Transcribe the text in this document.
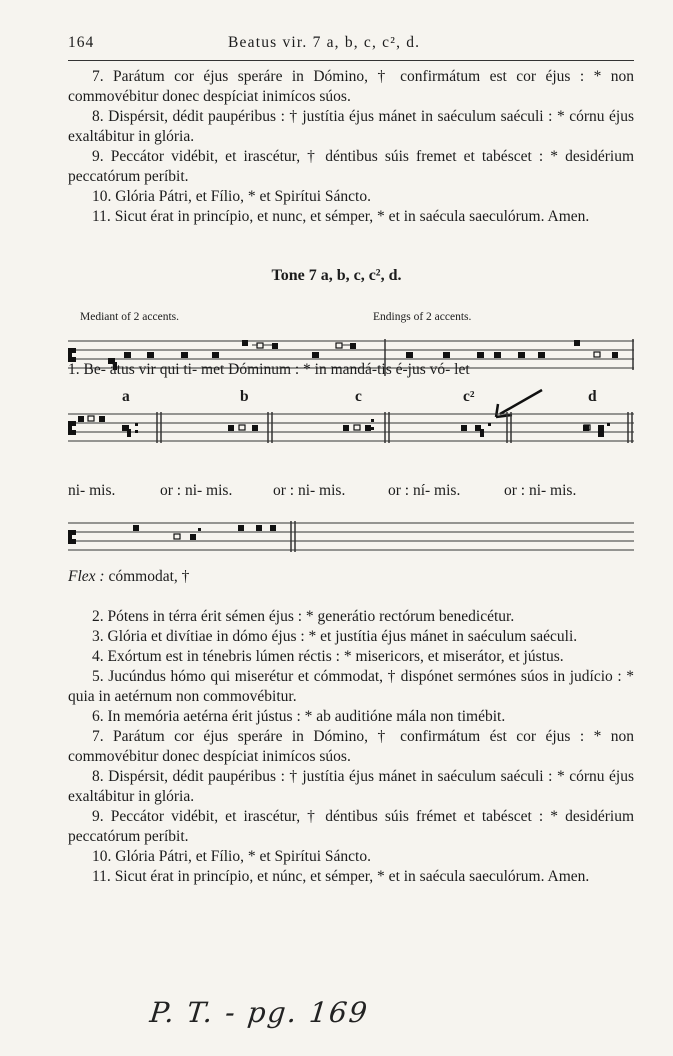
164	Beatus vir. 7 a, b, c, c², d.
7. Parátum cor éjus speráre in Dómino, † confirmátum est cor éjus : * non commovébitur donec despíciat inimícos súos.
8. Dispérsit, dédit paupéribus : † justítia éjus mánet in saéculum saéculi : * córnu éjus exaltábitur in glória.
9. Peccátor vidébit, et irascétur, † déntibus súis fremet et tabéscet : * desidérium peccatórum períbit.
10. Glória Pátri, et Fílio, * et Spirítui Sáncto.
11. Sicut érat in princípio, et nunc, et sémper, * et in saécula saeculórum. Amen.
Tone 7 a, b, c, c², d.
Mediant of 2 accents.	Endings of 2 accents.
1. Be- átus vir qui ti- met Dóminum : * in mandá-tis é-jus vó- let
a	b	c	c²	d
ni- mis.	or : ni- mis.	or : ni- mis.	or : ní- mis.	or : ni- mis.
Flex : cómmodat, †
2. Pótens in térra érit sémen éjus : * generátio rectórum benedicétur.
3. Glória et divítiae in dómo éjus : * et justítia éjus mánet in saéculum saéculi.
4. Exórtum est in ténebris lúmen réctis : * misericors, et miserátor, et jústus.
5. Jucúndus hómo qui miserétur et cómmodat, † dispónet sermónes súos in judício : * quia in aetérnum non commovébitur.
6. In memória aetérna érit jústus : * ab auditióne mála non timébit.
7. Parátum cor éjus speráre in Dómino, † confirmátum ést cor éjus : * non commovébitur donec despíciat inimícos súos.
8. Dispérsit, dédit paupéribus : † justítia éjus mánet in saéculum saéculi : * córnu éjus exaltábitur in glória.
9. Peccátor vidébit, et irascétur, † déntibus súis frémet et tabéscet : * desidérium peccatórum períbit.
10. Glória Pátri, et Fílio, * et Spirítui Sáncto.
11. Sicut érat in princípio, et núnc, et sémper, * et in saécula saeculórum. Amen.
P. T. - pg. 169
